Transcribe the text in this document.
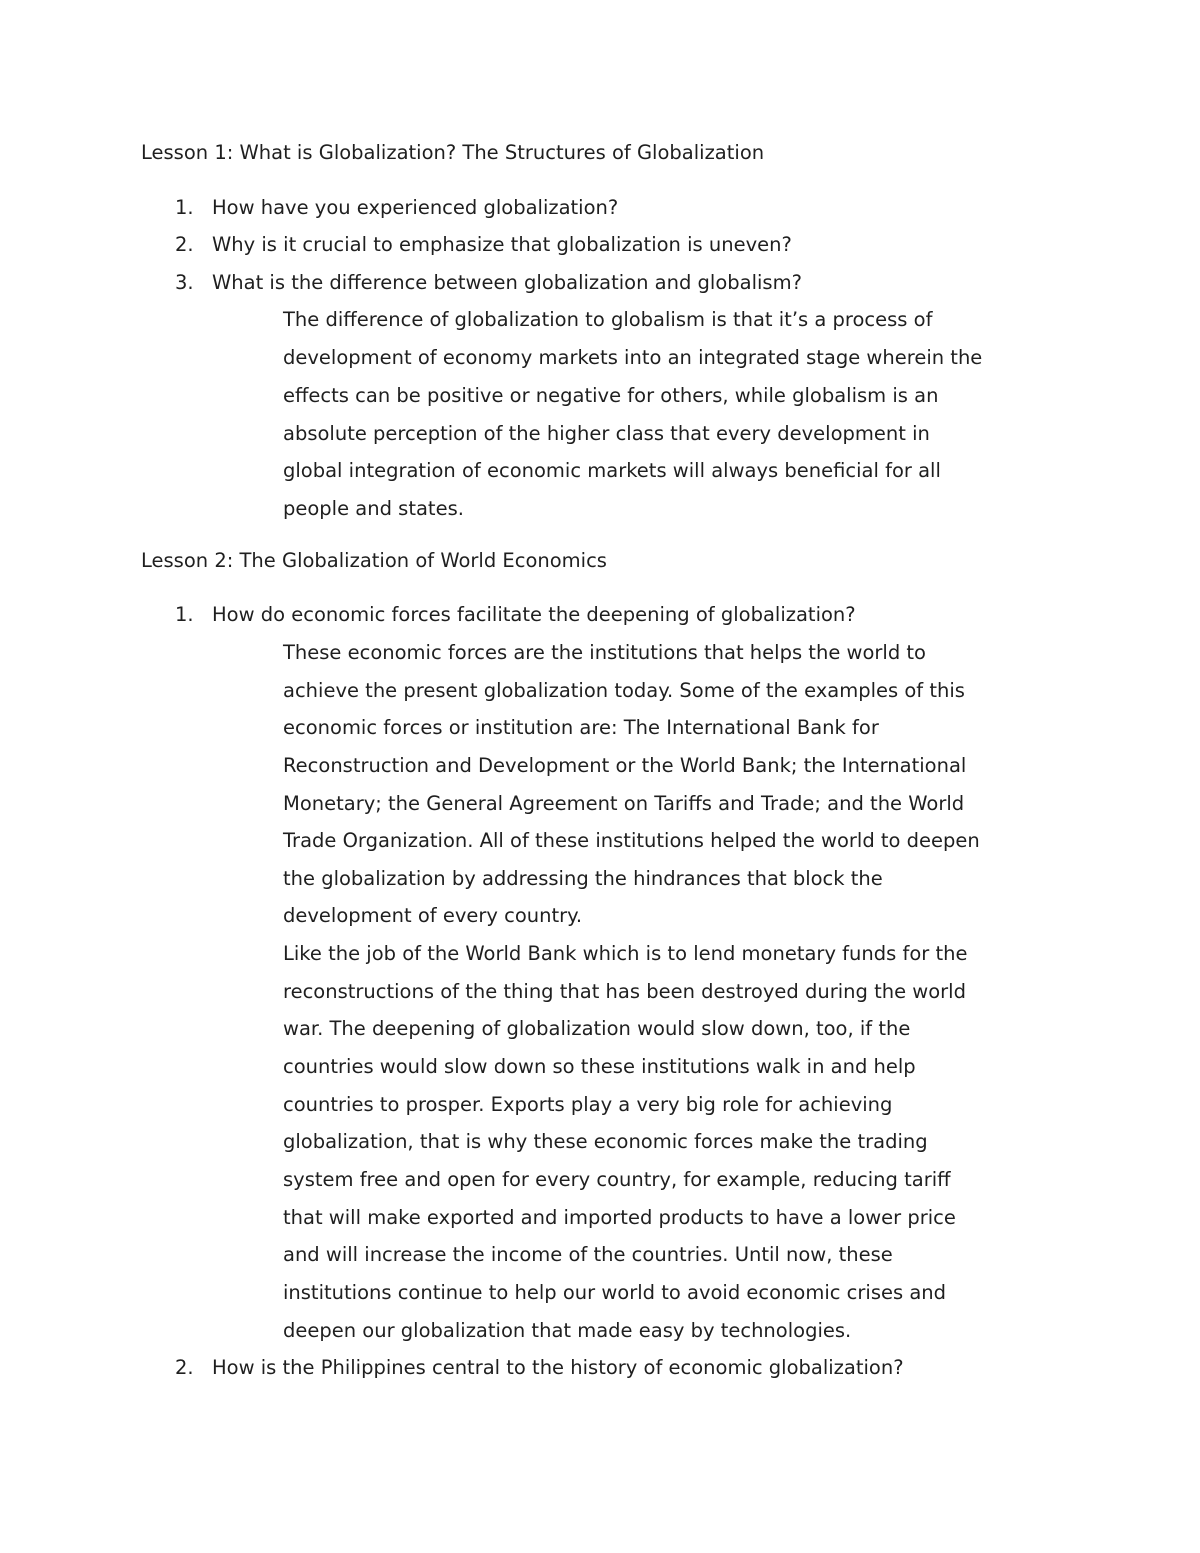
Lesson 1: What is Globalization? The Structures of Globalization
1. How have you experienced globalization?
2. Why is it crucial to emphasize that globalization is uneven?
3. What is the difference between globalization and globalism?
The difference of globalization to globalism is that it’s a process of
development of economy markets into an integrated stage wherein the
effects can be positive or negative for others, while globalism is an
absolute perception of the higher class that every development in
global integration of economic markets will always beneficial for all
people and states.
Lesson 2: The Globalization of World Economics
1. How do economic forces facilitate the deepening of globalization?
These economic forces are the institutions that helps the world to
achieve the present globalization today. Some of the examples of this
economic forces or institution are: The International Bank for
Reconstruction and Development or the World Bank; the International
Monetary; the General Agreement on Tariffs and Trade; and the World
Trade Organization. All of these institutions helped the world to deepen
the globalization by addressing the hindrances that block the
development of every country.
Like the job of the World Bank which is to lend monetary funds for the
reconstructions of the thing that has been destroyed during the world
war. The deepening of globalization would slow down, too, if the
countries would slow down so these institutions walk in and help
countries to prosper. Exports play a very big role for achieving
globalization, that is why these economic forces make the trading
system free and open for every country, for example, reducing tariff
that will make exported and imported products to have a lower price
and will increase the income of the countries. Until now, these
institutions continue to help our world to avoid economic crises and
deepen our globalization that made easy by technologies.
2. How is the Philippines central to the history of economic globalization?
